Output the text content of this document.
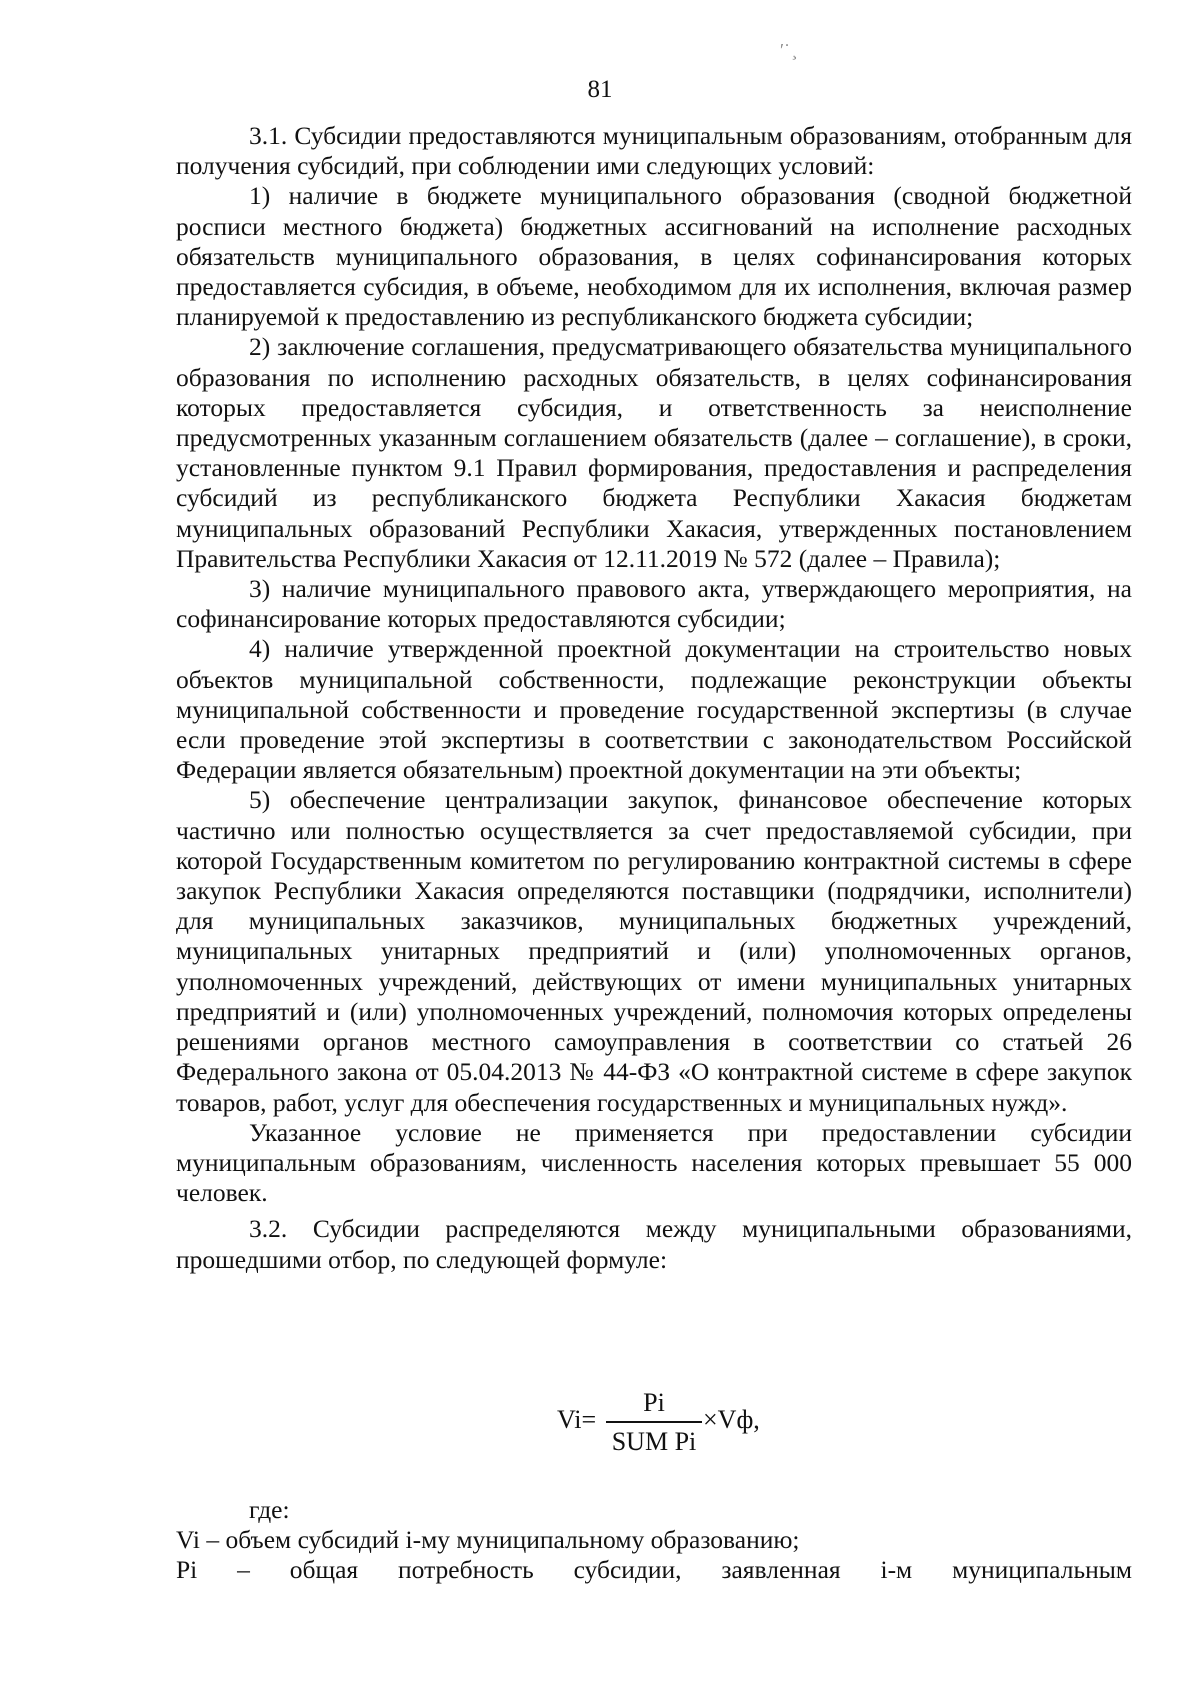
′˙ ̧
81

3.1. Субсидии предоставляются муниципальным образованиям, отобранным для получения субсидий, при соблюдении ими следующих условий:

1) наличие в бюджете муниципального образования (сводной бюджетной росписи местного бюджета) бюджетных ассигнований на исполнение расходных обязательств муниципального образования, в целях софинансирования которых предоставляется субсидия, в объеме, необходимом для их исполнения, включая размер планируемой к предоставлению из республиканского бюджета субсидии;

2) заключение соглашения, предусматривающего обязательства муниципального образования по исполнению расходных обязательств, в целях софинансирования которых предоставляется субсидия, и ответственность за неисполнение предусмотренных указанным соглашением обязательств (далее – соглашение), в сроки, установленные пунктом 9.1 Правил формирования, предоставления и распределения субсидий из республиканского бюджета Республики Хакасия бюджетам муниципальных образований Республики Хакасия, утвержденных постановлением Правительства Республики Хакасия от 12.11.2019 № 572 (далее – Правила);

3) наличие муниципального правового акта, утверждающего мероприятия, на софинансирование которых предоставляются субсидии;

4) наличие утвержденной проектной документации на строительство новых объектов муниципальной собственности, подлежащие реконструкции объекты муниципальной собственности и проведение государственной экспертизы (в случае если проведение этой экспертизы в соответствии с законодательством Российской Федерации является обязательным) проектной документации на эти объекты;

5) обеспечение централизации закупок, финансовое обеспечение которых частично или полностью осуществляется за счет предоставляемой субсидии, при которой Государственным комитетом по регулированию контрактной системы в сфере закупок Республики Хакасия определяются поставщики (подрядчики, исполнители) для муниципальных заказчиков, муниципальных бюджетных учреждений, муниципальных унитарных предприятий и (или) уполномоченных органов, уполномоченных учреждений, действующих от имени муниципальных унитарных предприятий и (или) уполномоченных учреждений, полномочия которых определены решениями органов местного самоуправления в соответствии со статьей 26 Федерального закона от 05.04.2013 № 44-ФЗ «О контрактной системе в сфере закупок товаров, работ, услуг для обеспечения государственных и муниципальных нужд».

Указанное условие не применяется при предоставлении субсидии муниципальным образованиям, численность населения которых превышает 55 000 человек.

3.2. Субсидии распределяются между муниципальными образованиями, прошедшими отбор, по следующей формуле:

Vi=
Pi
SUM Pi
×Vф,

где:

Vi – объем субсидий i-му муниципальному образованию;

Pi – общая потребность субсидии, заявленная i-м муниципальным
